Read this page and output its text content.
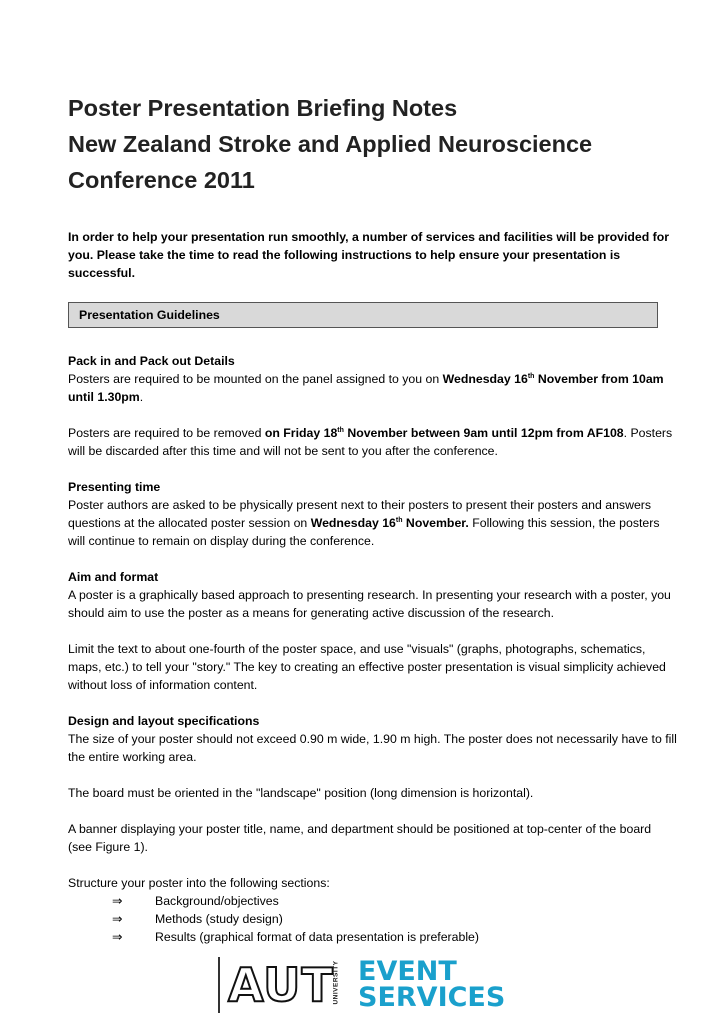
Poster Presentation Briefing Notes
New Zealand Stroke and Applied Neuroscience
Conference 2011
In order to help your presentation run smoothly, a number of services and facilities will be provided for you. Please take the time to read the following instructions to help ensure your presentation is successful.
Presentation Guidelines

Pack in and Pack out Details
Posters are required to be mounted on the panel assigned to you on Wednesday 16th November from 10am until 1.30pm.

Posters are required to be removed on Friday 18th November between 9am until 12pm from AF108. Posters will be discarded after this time and will not be sent to you after the conference.

Presenting time
Poster authors are asked to be physically present next to their posters to present their posters and answers questions at the allocated poster session on Wednesday 16th November. Following this session, the posters will continue to remain on display during the conference.

Aim and format
A poster is a graphically based approach to presenting research. In presenting your research with a poster, you should aim to use the poster as a means for generating active discussion of the research.

Limit the text to about one-fourth of the poster space, and use "visuals" (graphs, photographs, schematics, maps, etc.) to tell your "story." The key to creating an effective poster presentation is visual simplicity achieved without loss of information content.

Design and layout specifications
The size of your poster should not exceed 0.90 m wide, 1.90 m high. The poster does not necessarily have to fill the entire working area.

The board must be oriented in the "landscape" position (long dimension is horizontal).

A banner displaying your poster title, name, and department should be positioned at top-center of the board (see Figure 1).

Structure your poster into the following sections:

⇒	Background/objectives
⇒	Methods (study design)
⇒	Results (graphical format of data presentation is preferable)
AUT
UNIVERSITY EVENT
SERVICES
